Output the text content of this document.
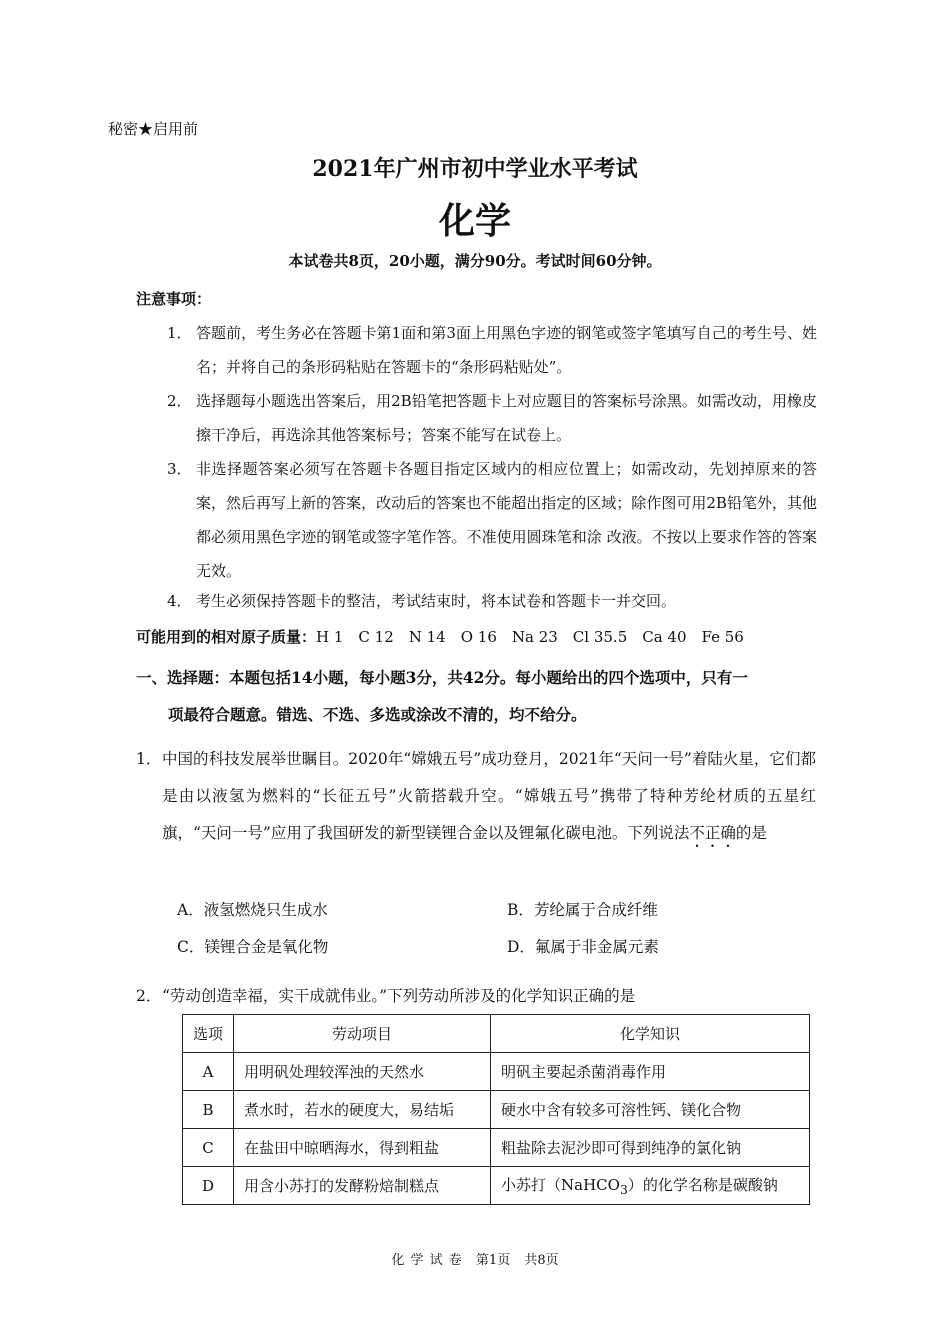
秘密★启用前
2021年广州市初中学业水平考试
化学
本试卷共8页，20小题，满分90分。考试时间60分钟。
注意事项：
1． 答题前，考生务必在答题卡第1面和第3面上用黑色字迹的钢笔或签字笔填写自己的考生号、姓名；并将自己的条形码粘贴在答题卡的“条形码粘贴处”。
2． 选择题每小题选出答案后，用2B铅笔把答题卡上对应题目的答案标号涂黑。如需改动，用橡皮擦干净后，再选涂其他答案标号；答案不能写在试卷上。
3． 非选择题答案必须写在答题卡各题目指定区域内的相应位置上；如需改动，先划掉原来的答案，然后再写上新的答案，改动后的答案也不能超出指定的区域；除作图可用2B铅笔外，其他都必须用黑色字迹的钢笔或签字笔作答。不准使用圆珠笔和涂 改液。不按以上要求作答的答案无效。
4． 考生必须保持答题卡的整洁，考试结束时，将本试卷和答题卡一并交回。
可能用到的相对原子质量：H 1　C 12　N 14　O 16　Na 23　Cl 35.5　Ca 40　Fe 56
一、选择题：本题包括14小题，每小题3分，共42分。每小题给出的四个选项中，只有一
项最符合题意。错选、不选、多选或涂改不清的，均不给分。
1． 中国的科技发展举世瞩目。2020年“嫦娥五号”成功登月，2021年“天问一号”着陆火星，它们都是由以液氢为燃料的“长征五号”火箭搭载升空。“嫦娥五号”携带了特种芳纶材质的五星红旗，“天问一号”应用了我国研发的新型镁锂合金以及锂氟化碳电池。下列说法不正确的是
A．液氢燃烧只生成水	B．芳纶属于合成纤维
C．镁锂合金是氧化物	D．氟属于非金属元素
2． “劳动创造幸福，实干成就伟业。”下列劳动所涉及的化学知识正确的是
选项	劳动项目	化学知识
A	用明矾处理较浑浊的天然水	明矾主要起杀菌消毒作用
B	煮水时，若水的硬度大，易结垢	硬水中含有较多可溶性钙、镁化合物
C	在盐田中晾晒海水，得到粗盐	粗盐除去泥沙即可得到纯净的氯化钠
D	用含小苏打的发酵粉焙制糕点	小苏打（NaHCO$_3$）的化学名称是碳酸钠
化 学 试 卷 第1页 共8页
